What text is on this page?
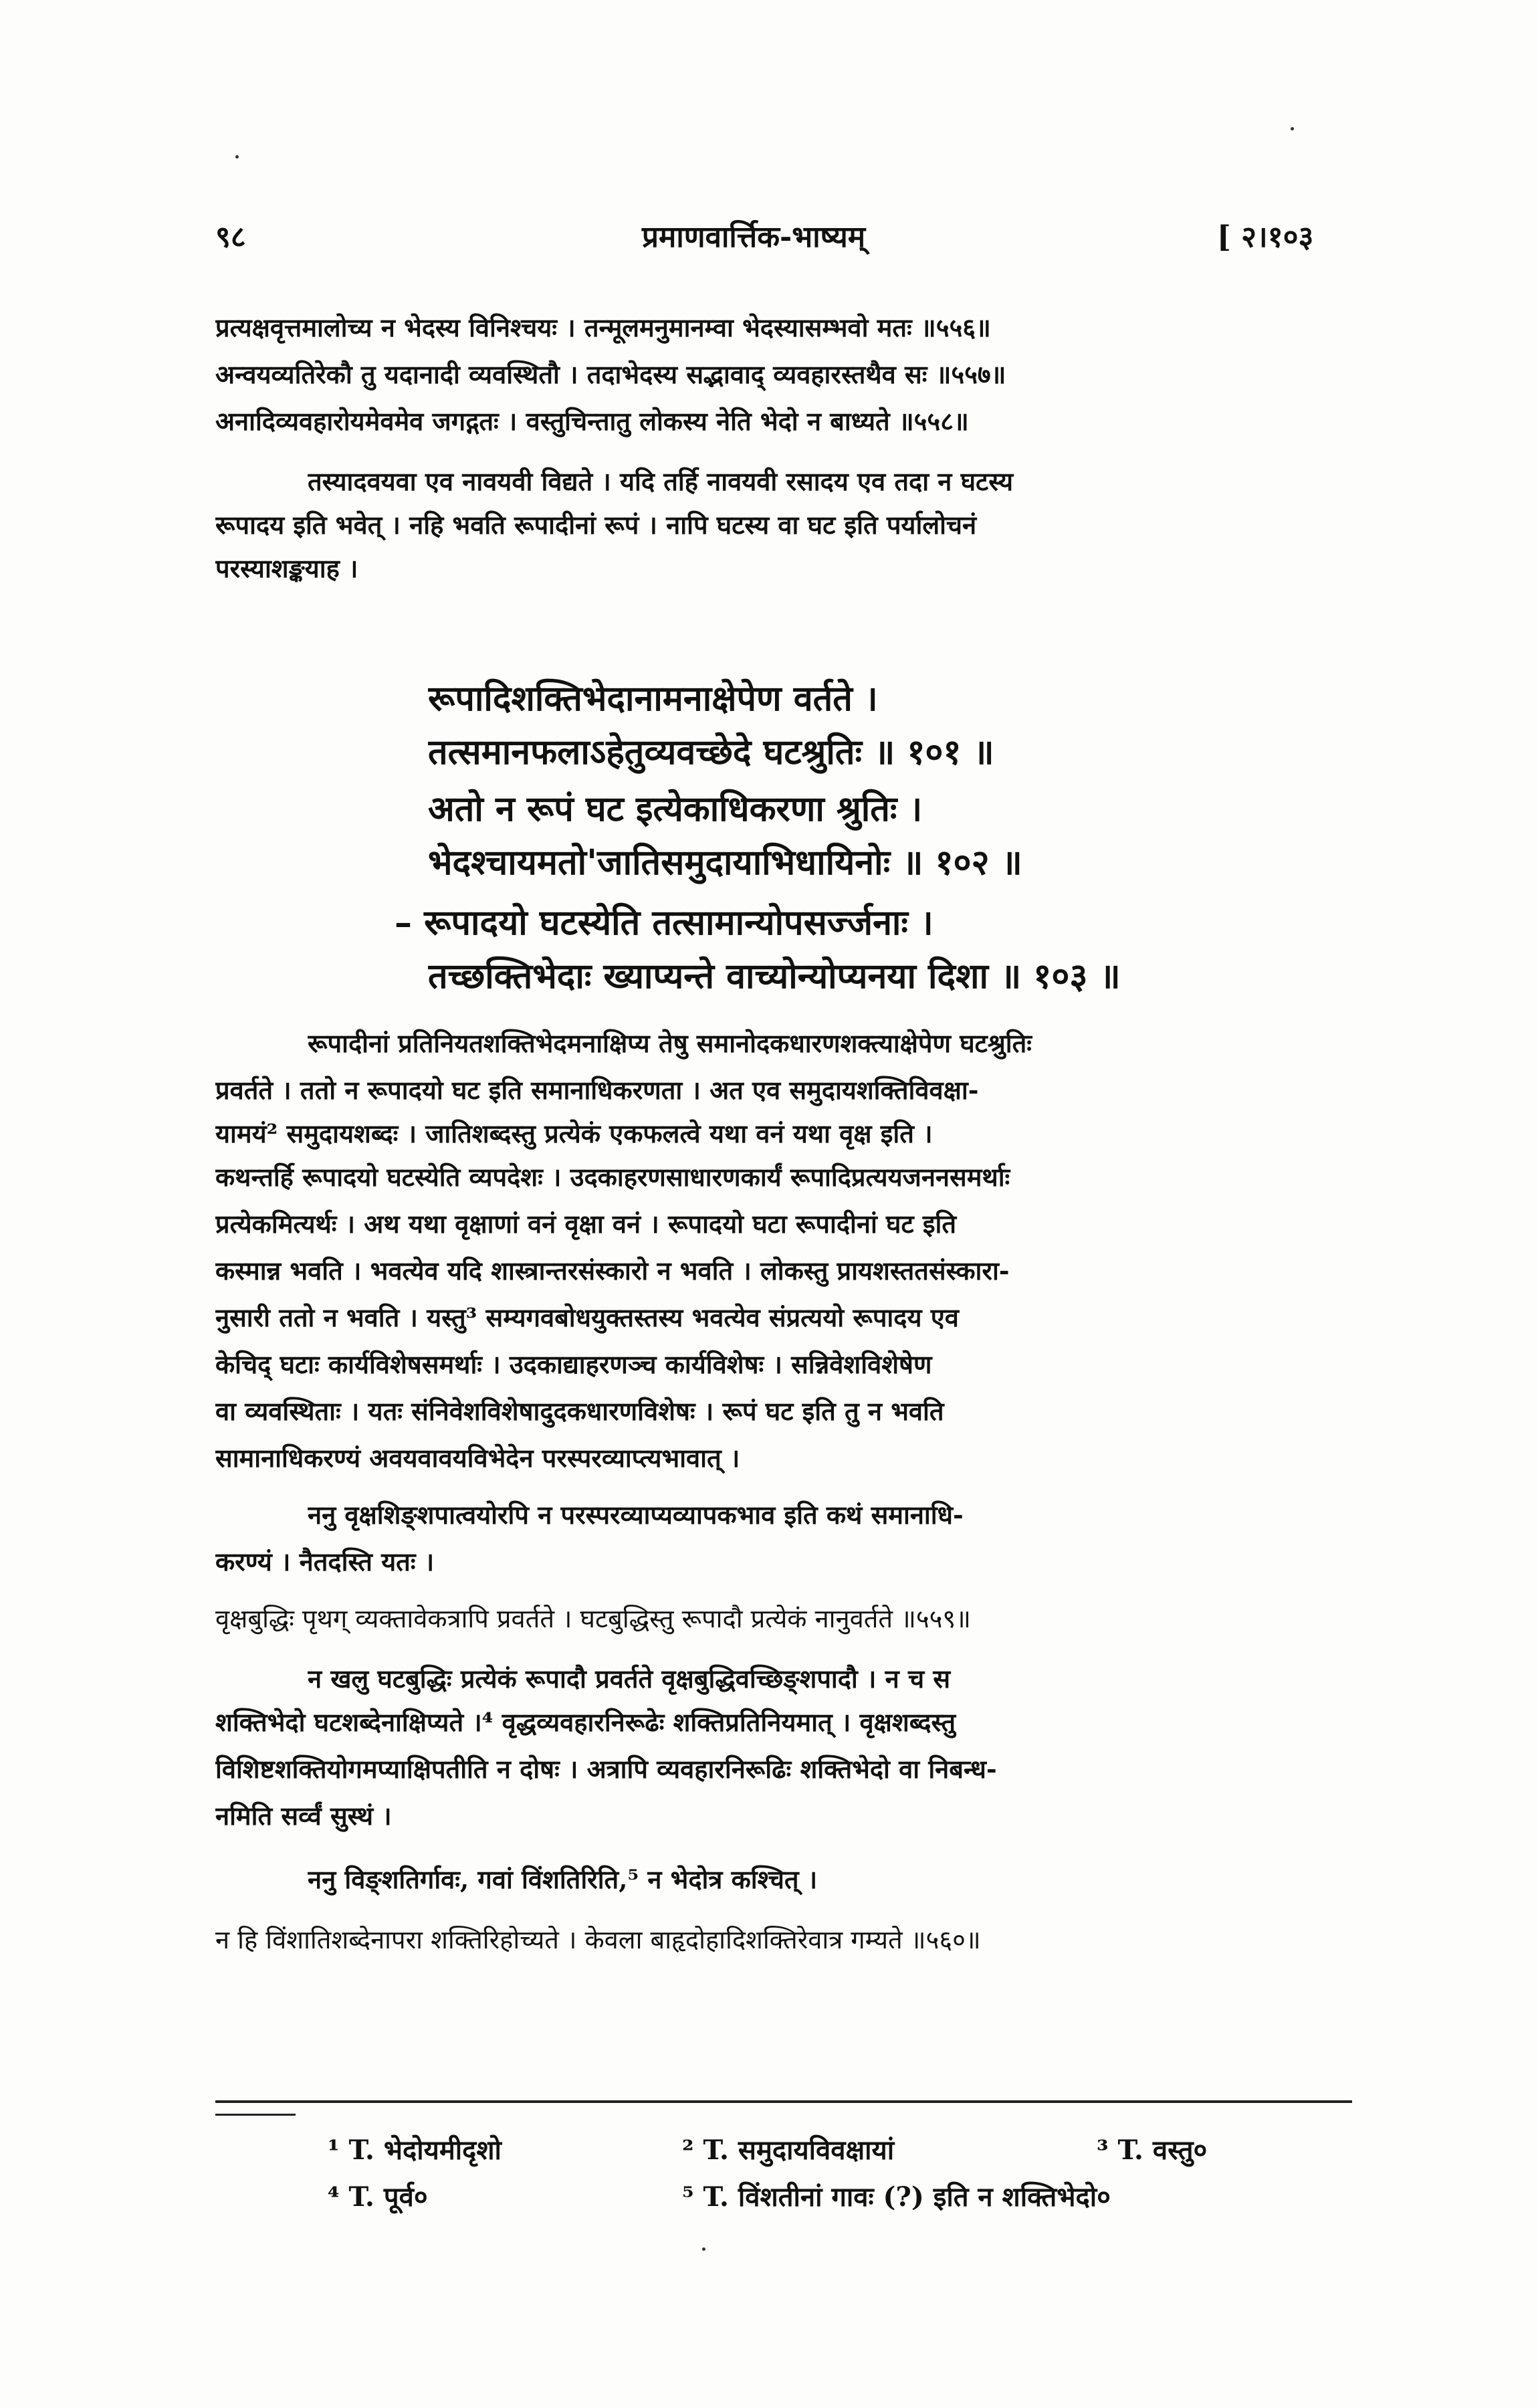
९८	प्रमाणवार्त्तिक-भाष्यम्	[ २।१०३
प्रत्यक्षवृत्तमालोच्य न भेदस्य विनिश्चयः । तन्मूलमनुमानम्वा भेदस्यासम्भवो मतः ॥५५६॥
अन्वयव्यतिरेकौ तु यदानादी व्यवस्थितौ । तदाभेदस्य सद्भावाद् व्यवहारस्तथैव सः ॥५५७॥
अनादिव्यवहारोयमेवमेव जगद्गतः । वस्तुचिन्तातु लोकस्य नेति भेदो न बाध्यते ॥५५८॥
तस्यादवयवा एव नावयवी विद्यते । यदि तर्हि नावयवी रसादय एव तदा न घटस्य
रूपादय इति भवेत् । नहि भवति रूपादीनां रूपं । नापि घटस्य वा घट इति पर्यालोचनं
परस्याशङ्कयाह ।
रूपादिशक्तिभेदानामनाक्षेपेण वर्तते ।
तत्समानफलाऽहेतुव्यवच्छेदे घटश्रुतिः ॥ १०१ ॥
अतो न रूपं घट इत्येकाधिकरणा श्रुतिः ।
भेदश्चायमतो'जातिसमुदायाभिधायिनोः ॥ १०२ ॥
– रूपादयो घटस्येति तत्सामान्योपसर्ज्जनाः ।
तच्छक्तिभेदाः ख्याप्यन्ते वाच्योन्योप्यनया दिशा ॥ १०३ ॥
रूपादीनां प्रतिनियतशक्तिभेदमनाक्षिप्य तेषु समानोदकधारणशक्त्याक्षेपेण घटश्रुतिः
प्रवर्तते । ततो न रूपादयो घट इति समानाधिकरणता । अत एव समुदायशक्तिविवक्षा-
यामयं² समुदायशब्दः । जातिशब्दस्तु प्रत्येकं एकफलत्वे यथा वनं यथा वृक्ष इति ।
कथन्तर्हि रूपादयो घटस्येति व्यपदेशः । उदकाहरणसाधारणकार्यं रूपादिप्रत्ययजननसमर्थाः
प्रत्येकमित्यर्थः । अथ यथा वृक्षाणां वनं वृक्षा वनं । रूपादयो घटा रूपादीनां घट इति
कस्मान्न भवति । भवत्येव यदि शास्त्रान्तरसंस्कारो न भवति । लोकस्तु प्रायशस्ततसंस्कारा-
नुसारी ततो न भवति । यस्तु³ सम्यगवबोधयुक्तस्तस्य भवत्येव संप्रत्ययो रूपादय एव
केचिद् घटाः कार्यविशेषसमर्थाः । उदकाद्याहरणञ्च कार्यविशेषः । सन्निवेशविशेषेण
वा व्यवस्थिताः । यतः संनिवेशविशेषादुदकधारणविशेषः । रूपं घट इति तु न भवति
सामानाधिकरण्यं अवयवावयविभेदेन परस्परव्याप्त्यभावात् ।
ननु वृक्षशिङ्शपात्वयोरपि न परस्परव्याप्यव्यापकभाव इति कथं समानाधि-
करण्यं । नैतदस्ति यतः ।
वृक्षबुद्धिः पृथग् व्यक्तावेकत्रापि प्रवर्तते । घटबुद्धिस्तु रूपादौ प्रत्येकं नानुवर्तते ॥५५९॥
न खलु घटबुद्धिः प्रत्येकं रूपादौ प्रवर्तते वृक्षबुद्धिवच्छिङ्शपादौ । न च स
शक्तिभेदो घटशब्देनाक्षिप्यते ।⁴ वृद्धव्यवहारनिरूढेः शक्तिप्रतिनियमात् । वृक्षशब्दस्तु
विशिष्टशक्तियोगमप्याक्षिपतीति न दोषः । अत्रापि व्यवहारनिरूढिः शक्तिभेदो वा निबन्ध-
नमिति सर्व्वं सुस्थं ।
ननु विङ्शतिर्गावः, गवां विंशतिरिति,⁵ न भेदोत्र कश्चित् ।
न हि विंशातिशब्देनापरा शक्तिरिहोच्यते । केवला बाहृदोहादिशक्तिरेवात्र गम्यते ॥५६०॥
¹ T. भेदोयमीदृशो	² T. समुदायविवक्षायां	³ T. वस्तु०
⁴ T. पूर्व०	⁵ T. विंशतीनां गावः (?) इति न शक्तिभेदो०
